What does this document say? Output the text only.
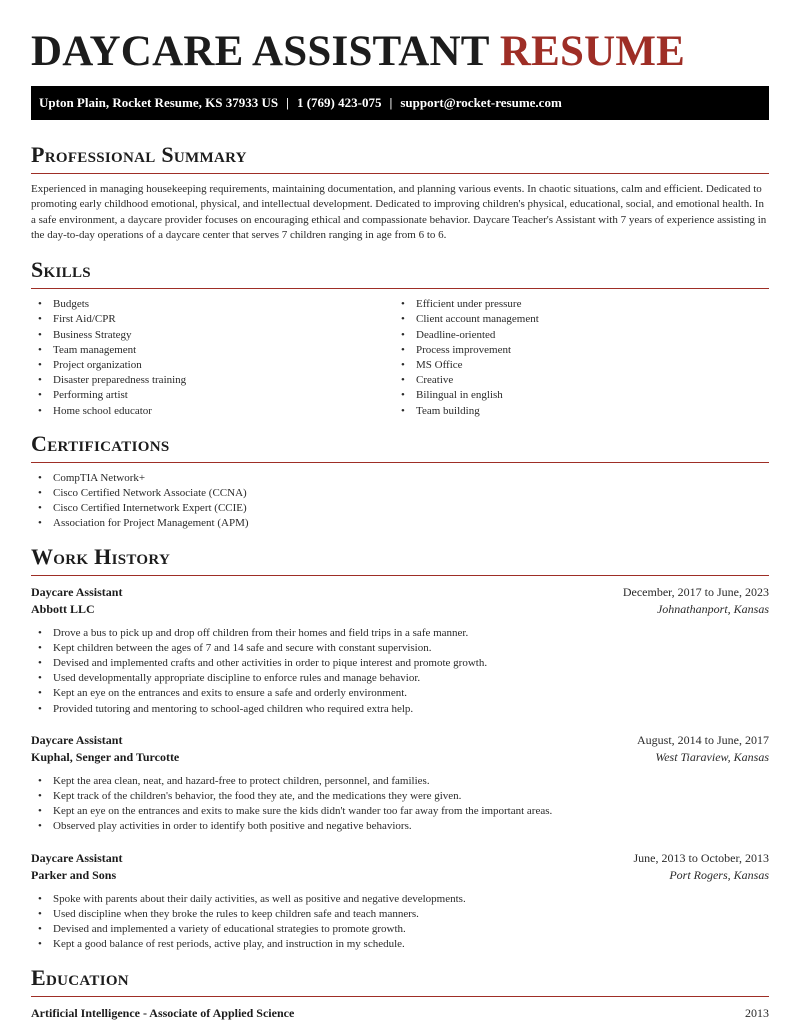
DAYCARE ASSISTANT RESUME
Upton Plain, Rocket Resume, KS 37933 US | 1 (769) 423-075 | support@rocket-resume.com
Professional Summary

Experienced in managing housekeeping requirements, maintaining documentation, and planning various events. In chaotic situations, calm and efficient. Dedicated to promoting early childhood emotional, physical, and intellectual development. Dedicated to improving children's physical, educational, social, and emotional health. In a safe environment, a daycare provider focuses on encouraging ethical and compassionate behavior. Daycare Teacher's Assistant with 7 years of experience assisting in the day-to-day operations of a daycare center that serves 7 children ranging in age from 6 to 6.

Skills
• Budgets
• First Aid/CPR
• Business Strategy
• Team management
• Project organization
• Disaster preparedness training
• Performing artist
• Home school educator
• Efficient under pressure
• Client account management
• Deadline-oriented
• Process improvement
• MS Office
• Creative
• Bilingual in english
• Team building
Certifications
• CompTIA Network+
• Cisco Certified Network Associate (CCNA)
• Cisco Certified Internetwork Expert (CCIE)
• Association for Project Management (APM)
Work History
Daycare Assistant	December, 2017 to June, 2023
Abbott LLC	Johnathanport, Kansas
• Drove a bus to pick up and drop off children from their homes and field trips in a safe manner.
• Kept children between the ages of 7 and 14 safe and secure with constant supervision.
• Devised and implemented crafts and other activities in order to pique interest and promote growth.
• Used developmentally appropriate discipline to enforce rules and manage behavior.
• Kept an eye on the entrances and exits to ensure a safe and orderly environment.
• Provided tutoring and mentoring to school-aged children who required extra help.
Daycare Assistant	August, 2014 to June, 2017
Kuphal, Senger and Turcotte	West Tiaraview, Kansas
• Kept the area clean, neat, and hazard-free to protect children, personnel, and families.
• Kept track of the children's behavior, the food they ate, and the medications they were given.
• Kept an eye on the entrances and exits to make sure the kids didn't wander too far away from the important areas.
• Observed play activities in order to identify both positive and negative behaviors.
Daycare Assistant	June, 2013 to October, 2013
Parker and Sons	Port Rogers, Kansas
• Spoke with parents about their daily activities, as well as positive and negative developments.
• Used discipline when they broke the rules to keep children safe and teach manners.
• Devised and implemented a variety of educational strategies to promote growth.
• Kept a good balance of rest periods, active play, and instruction in my schedule.
Education
Artificial Intelligence - Associate of Applied Science	2013
